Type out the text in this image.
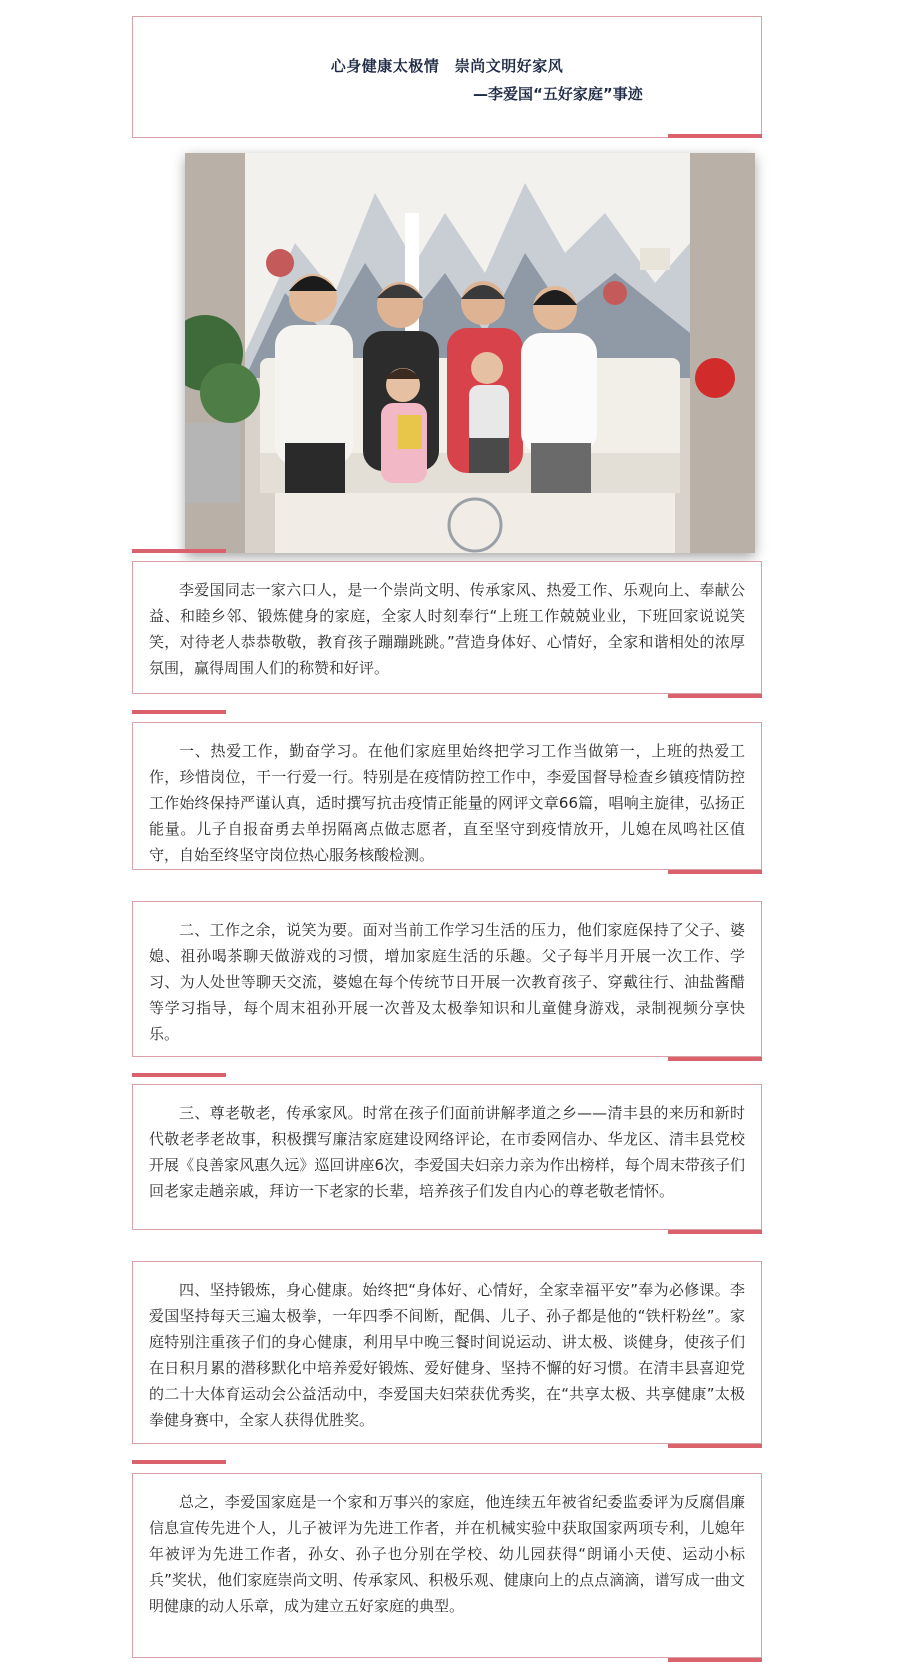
心身健康太极情　崇尚文明好家风
—李爱国“五好家庭”事迹

李爱国同志一家六口人，是一个崇尚文明、传承家风、热爱工作、乐观向上、奉献公益、和睦乡邻、锻炼健身的家庭，全家人时刻奉行“上班工作兢兢业业，下班回家说说笑笑，对待老人恭恭敬敬，教育孩子蹦蹦跳跳。”营造身体好、心情好，全家和谐相处的浓厚氛围，赢得周围人们的称赞和好评。

一、热爱工作，勤奋学习。在他们家庭里始终把学习工作当做第一，上班的热爱工作，珍惜岗位，干一行爱一行。特别是在疫情防控工作中，李爱国督导检查乡镇疫情防控工作始终保持严谨认真，适时撰写抗击疫情正能量的网评文章66篇，唱响主旋律，弘扬正能量。儿子自报奋勇去单拐隔离点做志愿者，直至坚守到疫情放开，儿媳在凤鸣社区值守，自始至终坚守岗位热心服务核酸检测。

二、工作之余，说笑为要。面对当前工作学习生活的压力，他们家庭保持了父子、婆媳、祖孙喝茶聊天做游戏的习惯，增加家庭生活的乐趣。父子每半月开展一次工作、学习、为人处世等聊天交流，婆媳在每个传统节日开展一次教育孩子、穿戴往行、油盐酱醋等学习指导，每个周末祖孙开展一次普及太极拳知识和儿童健身游戏，录制视频分享快乐。

三、尊老敬老，传承家风。时常在孩子们面前讲解孝道之乡——清丰县的来历和新时代敬老孝老故事，积极撰写廉洁家庭建设网络评论，在市委网信办、华龙区、清丰县党校开展《良善家风惠久远》巡回讲座6次，李爱国夫妇亲力亲为作出榜样，每个周末带孩子们回老家走趟亲戚，拜访一下老家的长辈，培养孩子们发自内心的尊老敬老情怀。

四、坚持锻炼，身心健康。始终把“身体好、心情好，全家幸福平安”奉为必修课。李爱国坚持每天三遍太极拳，一年四季不间断，配偶、儿子、孙子都是他的“铁杆粉丝”。家庭特别注重孩子们的身心健康，利用早中晚三餐时间说运动、讲太极、谈健身，使孩子们在日积月累的潜移默化中培养爱好锻炼、爱好健身、坚持不懈的好习惯。在清丰县喜迎党的二十大体育运动会公益活动中，李爱国夫妇荣获优秀奖，在“共享太极、共享健康”太极拳健身赛中，全家人获得优胜奖。

总之，李爱国家庭是一个家和万事兴的家庭，他连续五年被省纪委监委评为反腐倡廉信息宣传先进个人，儿子被评为先进工作者，并在机械实验中获取国家两项专利，儿媳年年被评为先进工作者，孙女、孙子也分别在学校、幼儿园获得“朗诵小天使、运动小标兵”奖状，他们家庭崇尚文明、传承家风、积极乐观、健康向上的点点滴滴，谱写成一曲文明健康的动人乐章，成为建立五好家庭的典型。
